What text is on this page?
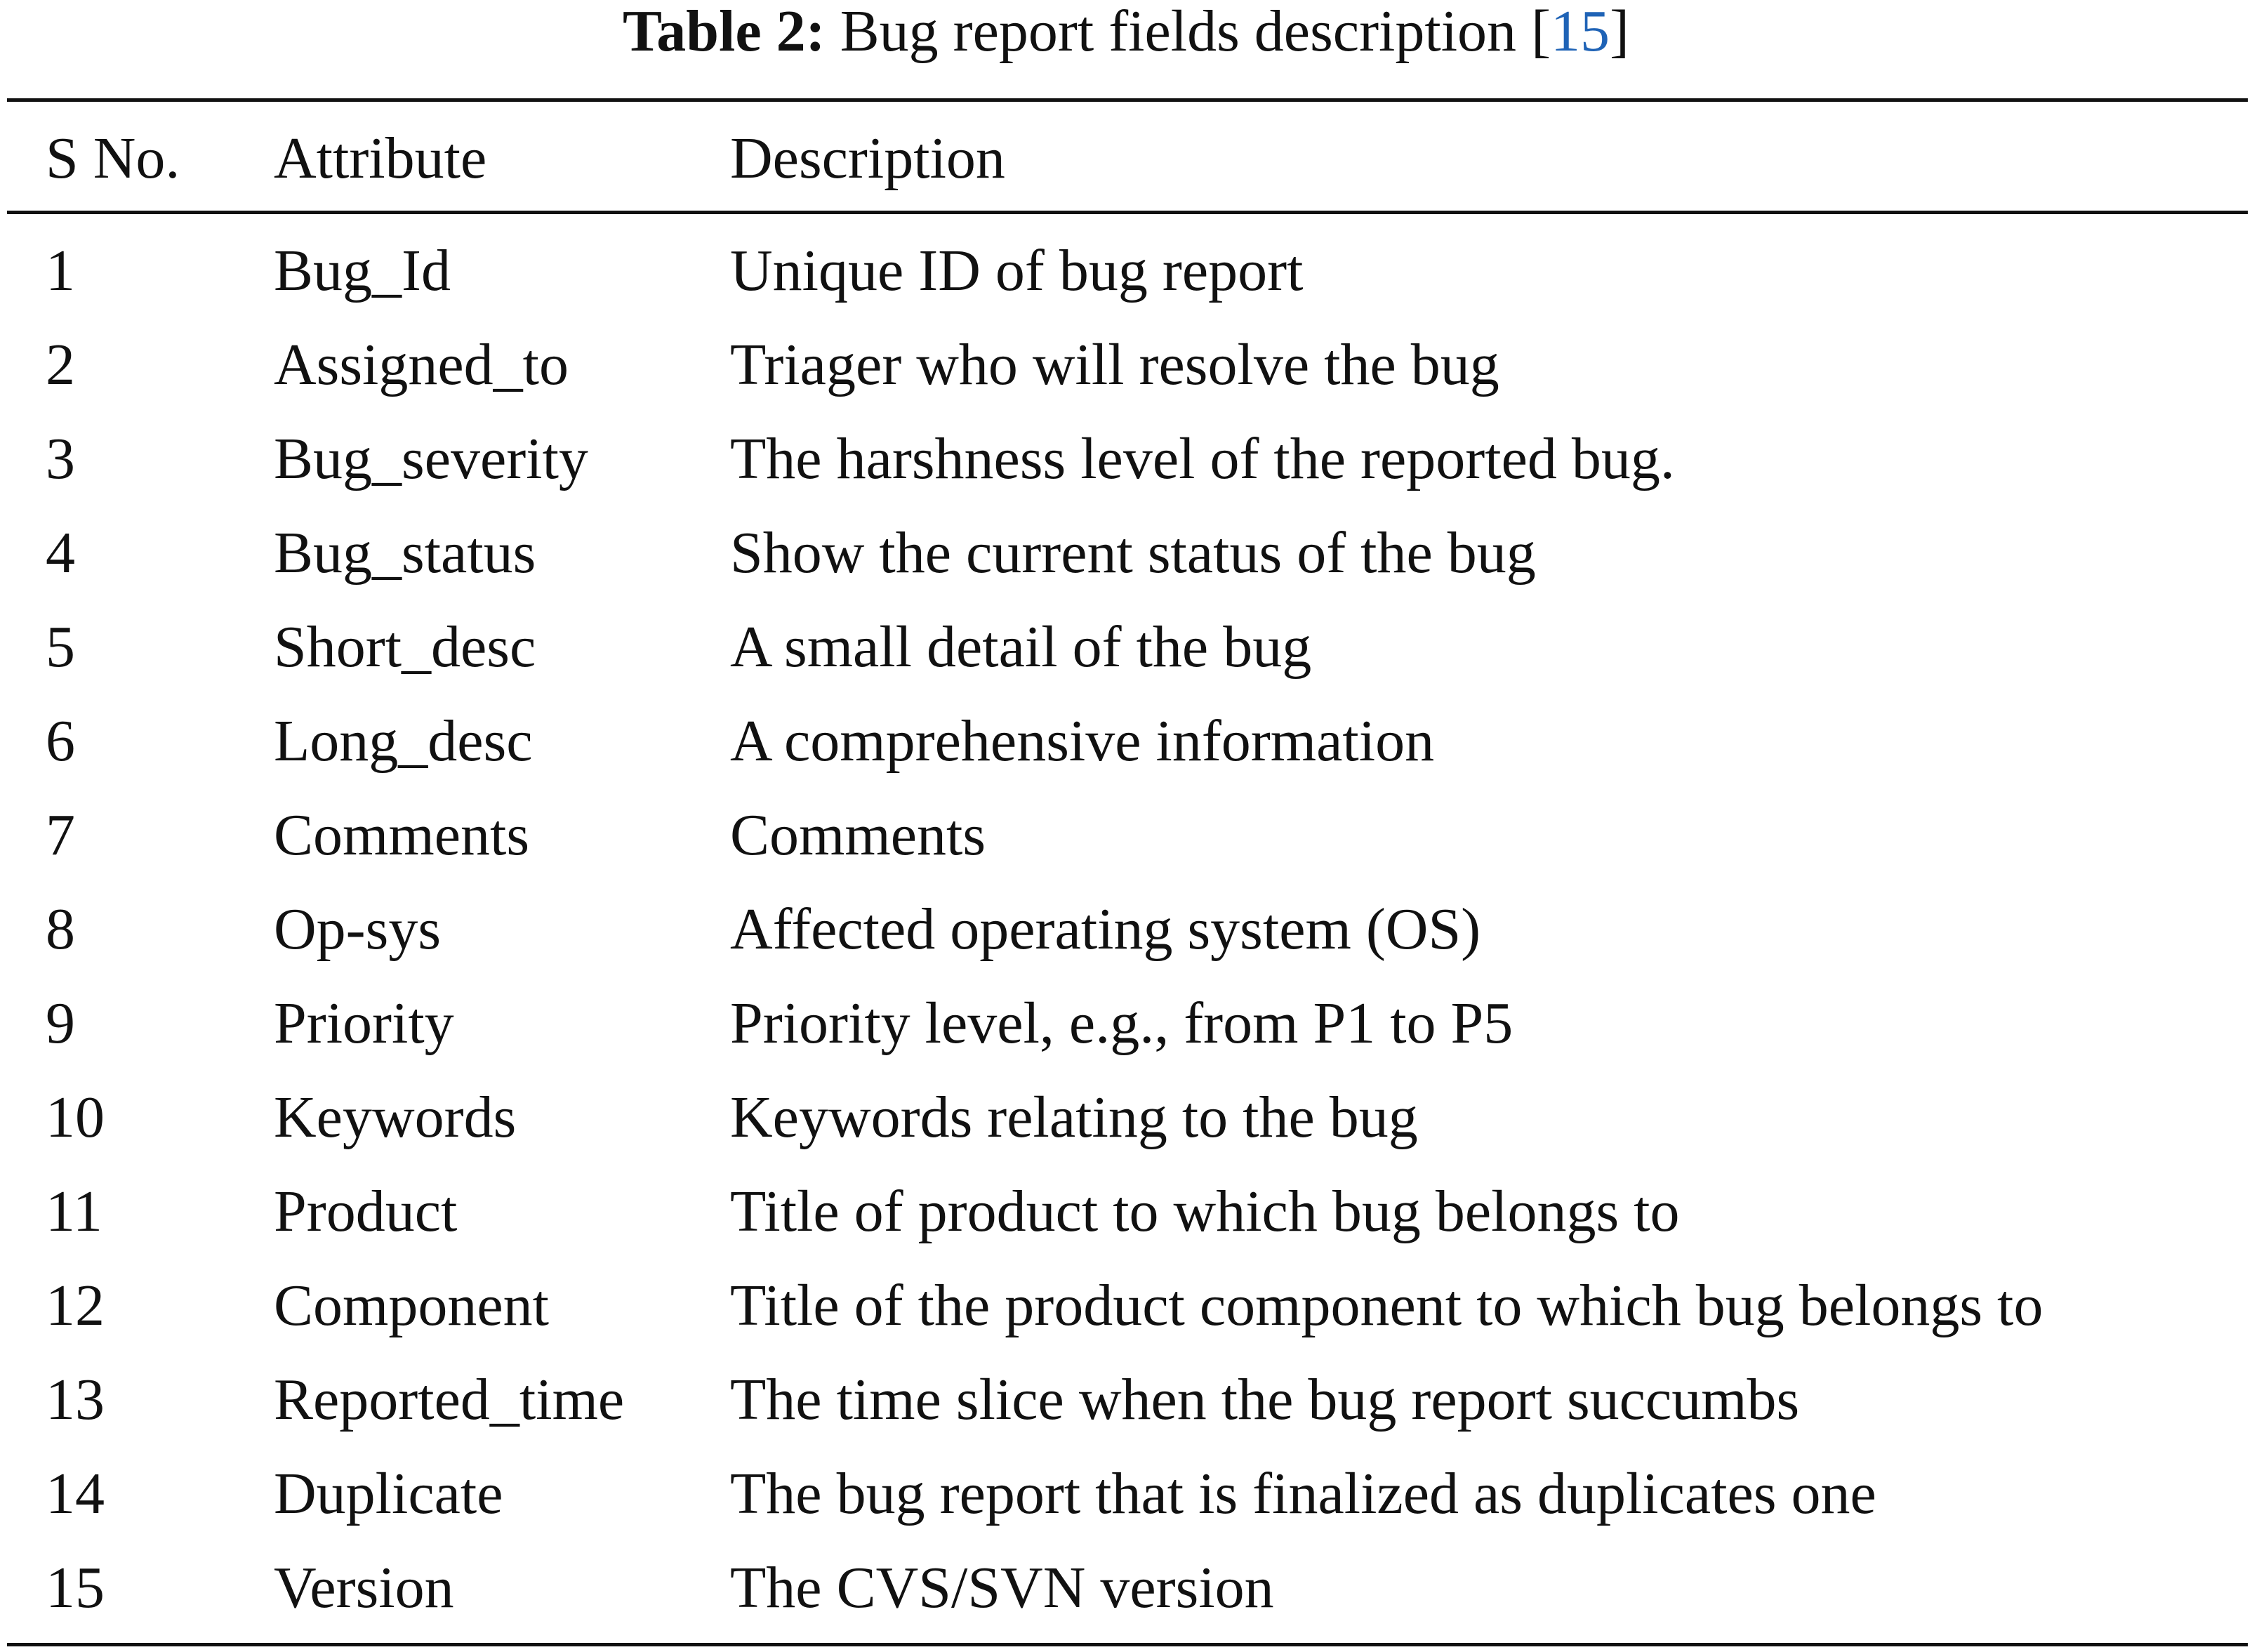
Table 2: Bug report fields description [15]
S No.	Attribute	Description
1	Bug_Id	Unique ID of bug report
2	Assigned_to	Triager who will resolve the bug
3	Bug_severity	The harshness level of the reported bug.
4	Bug_status	Show the current status of the bug
5	Short_desc	A small detail of the bug
6	Long_desc	A comprehensive information
7	Comments	Comments
8	Op-sys	Affected operating system (OS)
9	Priority	Priority level, e.g., from P1 to P5
10	Keywords	Keywords relating to the bug
11	Product	Title of product to which bug belongs to
12	Component	Title of the product component to which bug belongs to
13	Reported_time	The time slice when the bug report succumbs
14	Duplicate	The bug report that is finalized as duplicates one
15	Version	The CVS/SVN version
